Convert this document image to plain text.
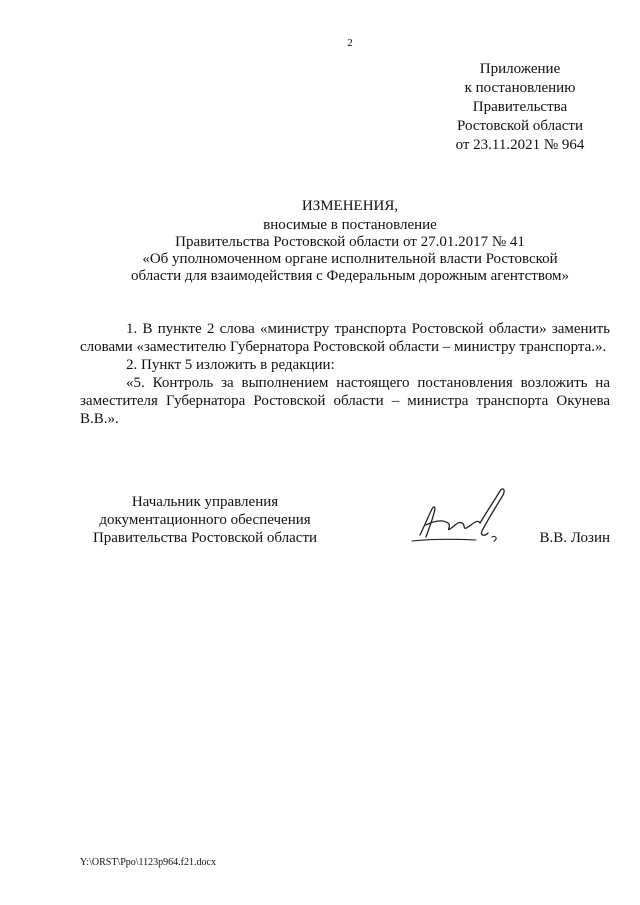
2
Приложение
к постановлению
Правительства
Ростовской области
от 23.11.2021 № 964
ИЗМЕНЕНИЯ,
вносимые в постановление
Правительства Ростовской области от 27.01.2017 № 41
«Об уполномоченном органе исполнительной власти Ростовской
области для взаимодействия с Федеральным дорожным агентством»

1. В пункте 2 слова «министру транспорта Ростовской области» заменить словами «заместителю Губернатора Ростовской области – министру транспорта.».

2. Пункт 5 изложить в редакции:

«5. Контроль за выполнением настоящего постановления возложить на заместителя Губернатора Ростовской области – министра транспорта Окунева В.В.».

Начальник управления
документационного обеспечения
Правительства Ростовской области	В.В. Лозин
Y:\ORST\Ppo\1123p964.f21.docx
